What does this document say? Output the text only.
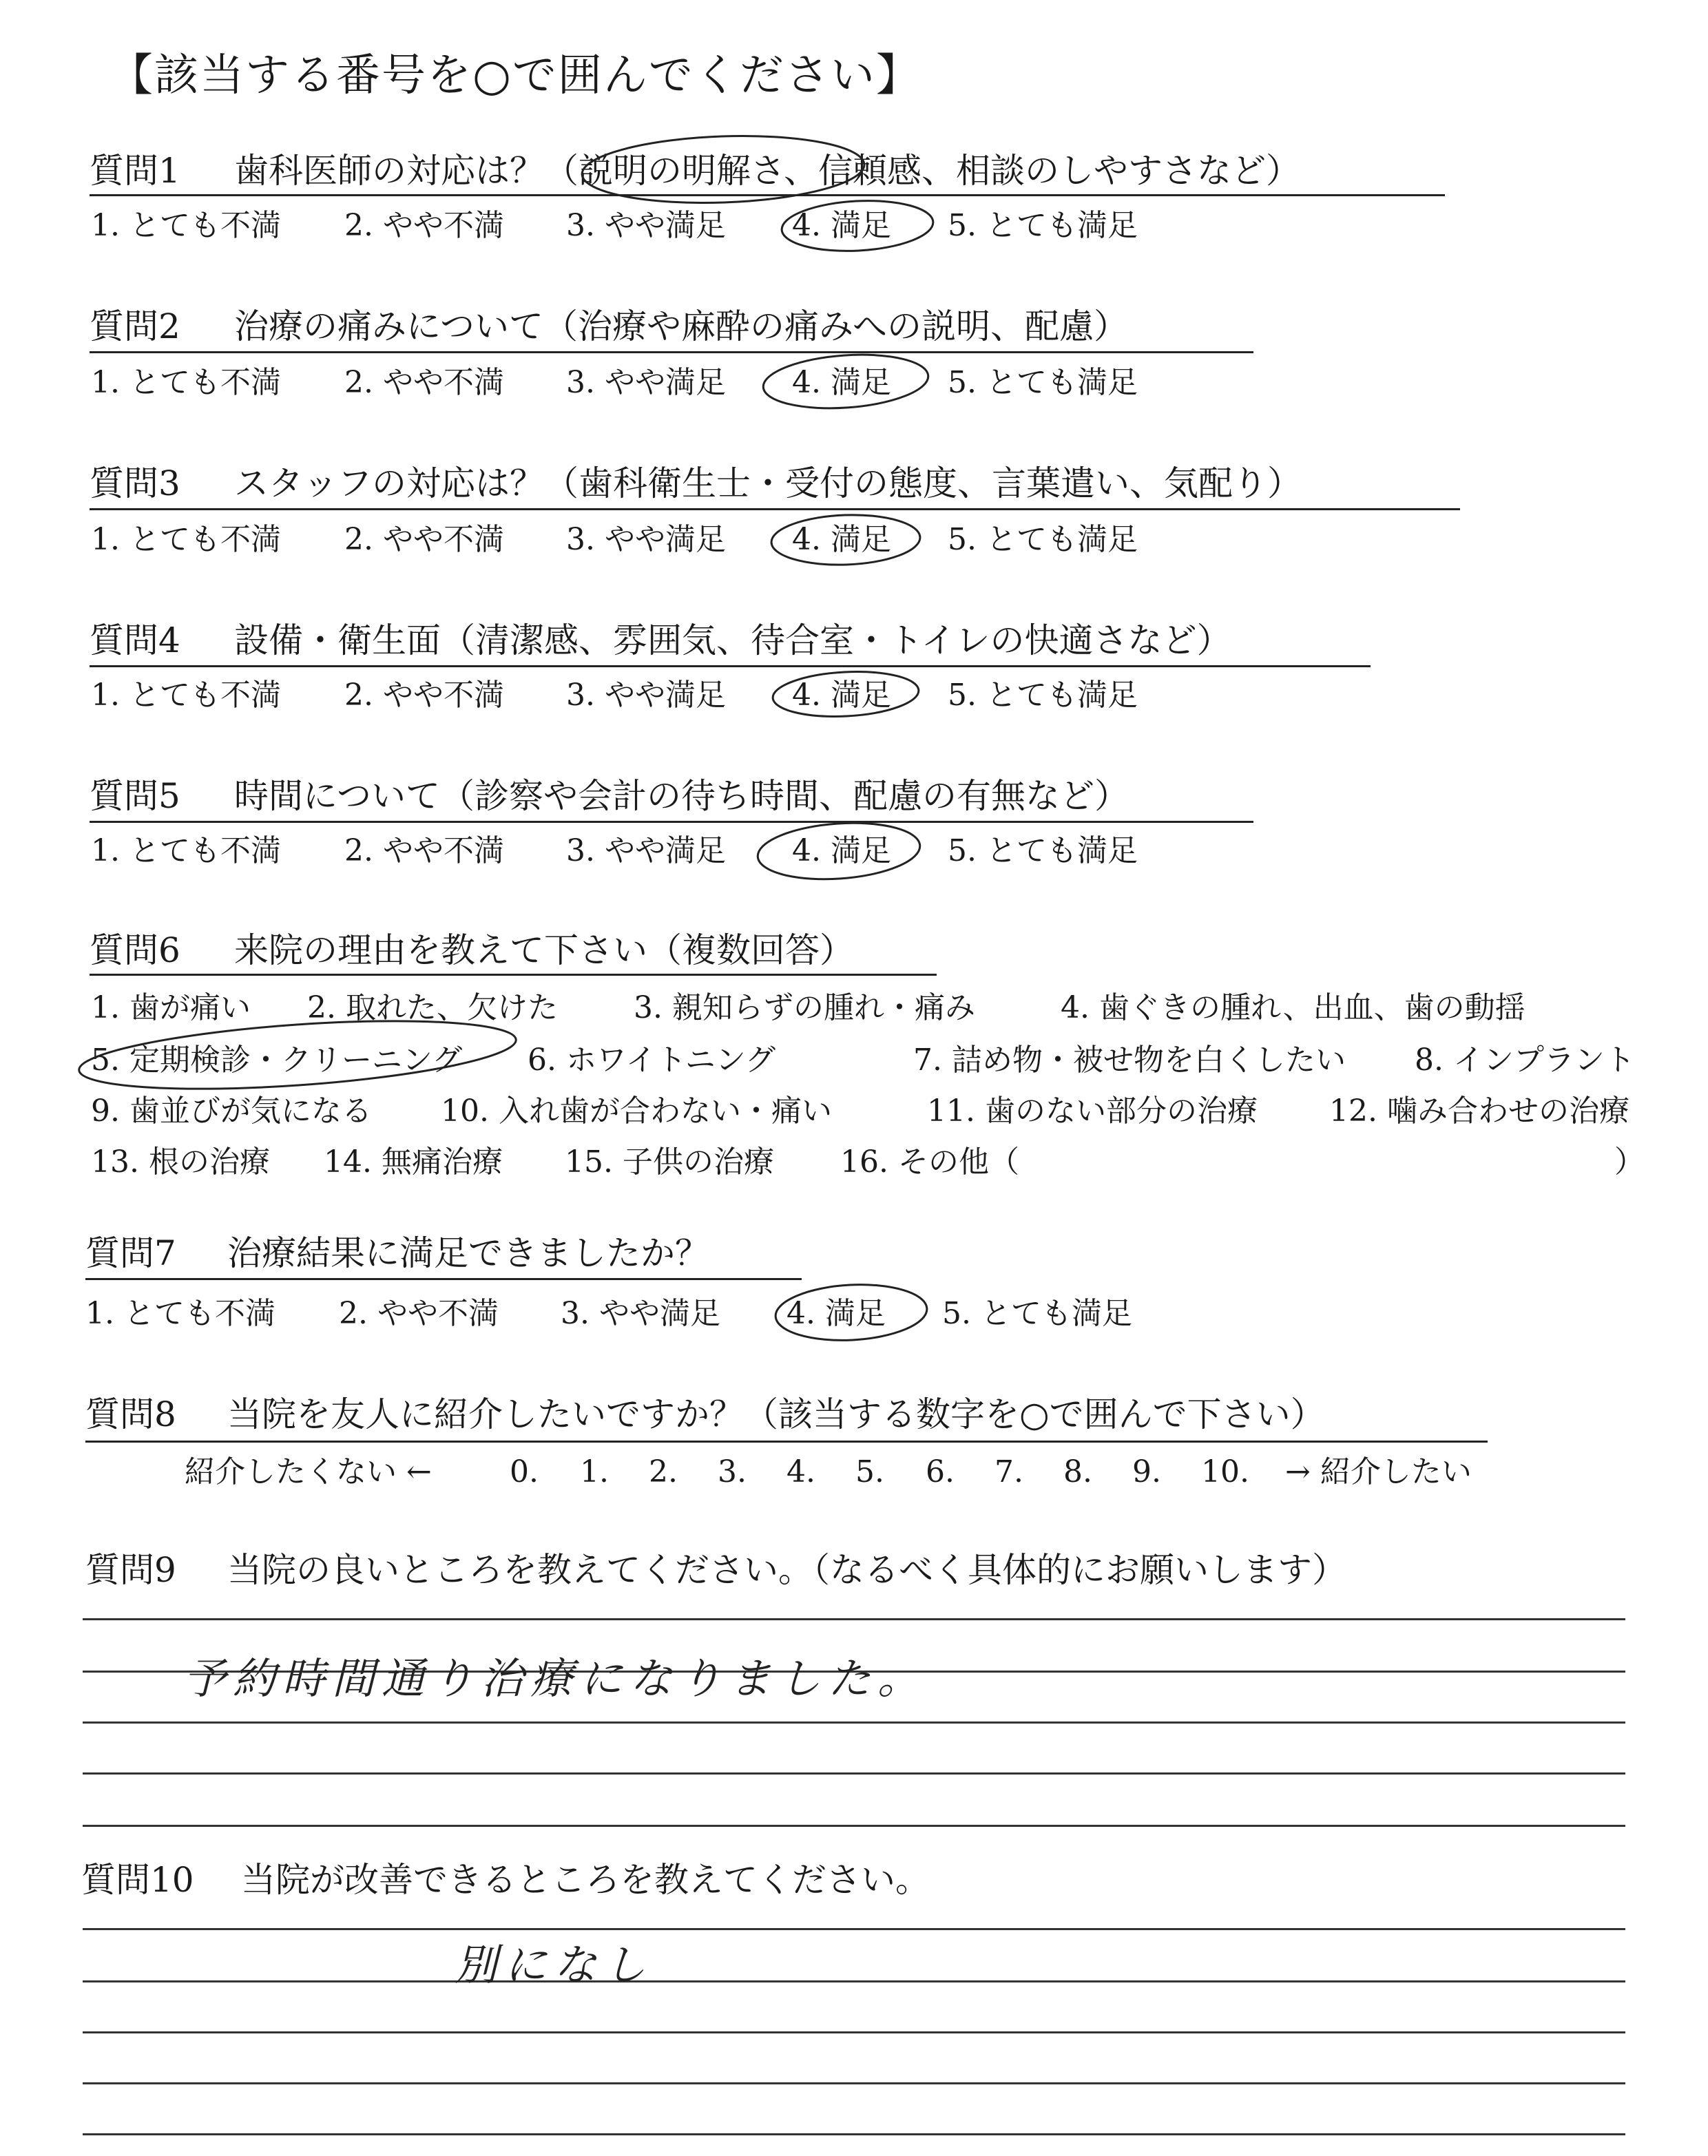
【該当する番号を○で囲んでください】
質問1 歯科医師の対応は？（説明の明解さ、信頼感、相談のしやすさなど）
1. とても不満 2. やや不満 3. やや満足 4. 満足 5. とても満足
質問2 治療の痛みについて（治療や麻酔の痛みへの説明、配慮）
1. とても不満 2. やや不満 3. やや満足 4. 満足 5. とても満足
質問3 スタッフの対応は？（歯科衛生士・受付の態度、言葉遣い、気配り）
1. とても不満 2. やや不満 3. やや満足 4. 満足 5. とても満足
質問4 設備・衛生面（清潔感、雰囲気、待合室・トイレの快適さなど）
1. とても不満 2. やや不満 3. やや満足 4. 満足 5. とても満足
質問5 時間について（診察や会計の待ち時間、配慮の有無など）
1. とても不満 2. やや不満 3. やや満足 4. 満足 5. とても満足
質問6 来院の理由を教えて下さい（複数回答）
1. 歯が痛い 2. 取れた、欠けた	3. 親知らずの腫れ・痛み	4. 歯ぐきの腫れ、出血、歯の動揺
5. 定期検診・クリーニング 6. ホワイトニング	7. 詰め物・被せ物を白くしたい 8. インプラント
9. 歯並びが気になる 10. 入れ歯が合わない・痛い	11. 歯のない部分の治療 12. 噛み合わせの治療
13. 根の治療 14. 無痛治療 15. 子供の治療 16. その他（	）
質問7 治療結果に満足できましたか？
1. とても不満 2. やや不満 3. やや満足 4. 満足 5. とても満足
質問8 当院を友人に紹介したいですか？（該当する数字を○で囲んで下さい）
紹介したくない ←	0. 1. 2. 3. 4. 5. 6. 7. 8. 9. 10. → 紹介したい
質問9 当院の良いところを教えてください。（なるべく具体的にお願いします）
予約時間通り治療になりました。
質問10 当院が改善できるところを教えてください。
別になし
